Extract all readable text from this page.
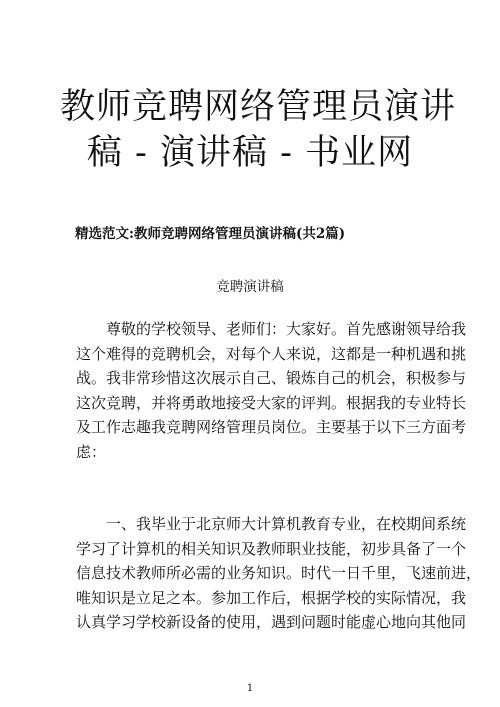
教师竞聘网络管理员演讲
稿 - 演讲稿 - 书业网
精选范文:教师竞聘网络管理员演讲稿(共2篇)
竞聘演讲稿
　　尊敬的学校领导、老师们：大家好。首先感谢领导给我
这个难得的竞聘机会，对每个人来说，这都是一种机遇和挑
战。我非常珍惜这次展示自己、锻炼自己的机会，积极参与
这次竞聘，并将勇敢地接受大家的评判。根据我的专业特长
及工作志趣我竞聘网络管理员岗位。主要基于以下三方面考
虑：
　　一、我毕业于北京师大计算机教育专业，在校期间系统
学习了计算机的相关知识及教师职业技能，初步具备了一个
信息技术教师所必需的业务知识。时代一日千里，飞速前进，
唯知识是立足之本。参加工作后，根据学校的实际情况，我
认真学习学校新设备的使用，遇到问题时能虚心地向其他同
1
